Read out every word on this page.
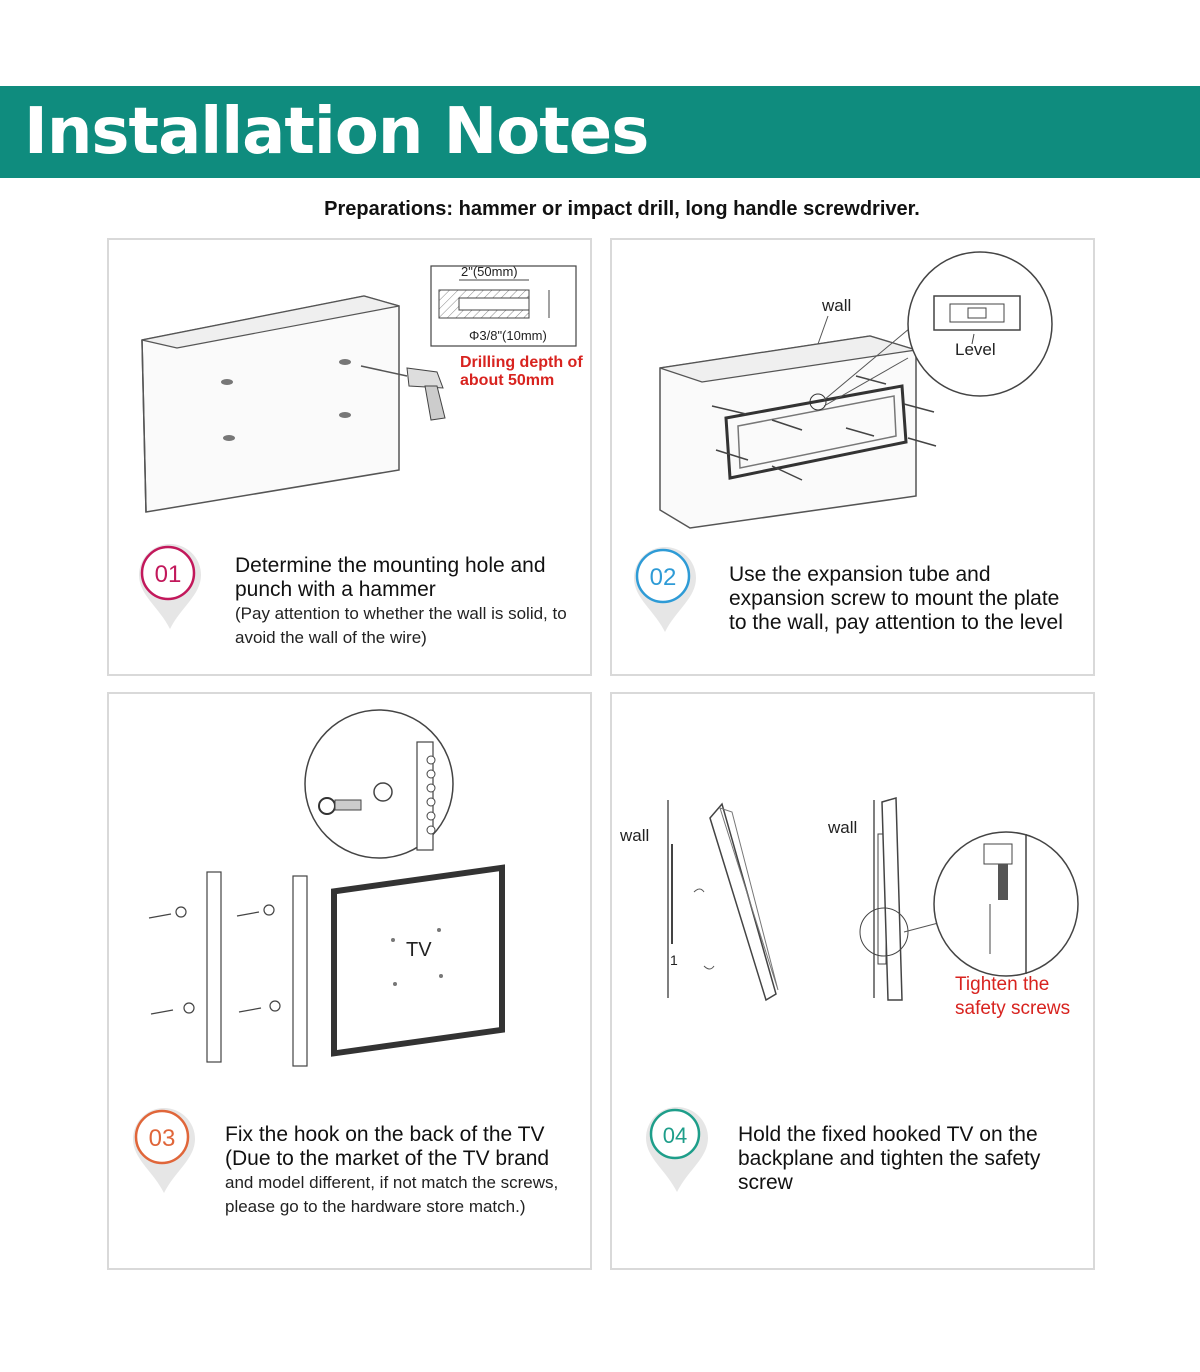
Installation Notes
Preparations: hammer or impact drill, long handle screwdriver.
2"(50mm)
Φ3/8"(10mm)
Drilling depth of
about 50mm
01	Determine the mounting hole and
punch with a hammer
(Pay attention to whether the wall is solid, to
avoid the wall of the wire)
wall
Level
02	Use the expansion tube and
expansion screw to mount the plate
to the wall, pay attention to the level
TV
03 Fix the hook on the back of the TV
(Due to the market of the TV brand
and model different, if not match the screws,
please go to the hardware store match.)
wall	wall
1
Tighten the
safety screws
04 Hold the fixed hooked TV on the
backplane and tighten the safety
screw
